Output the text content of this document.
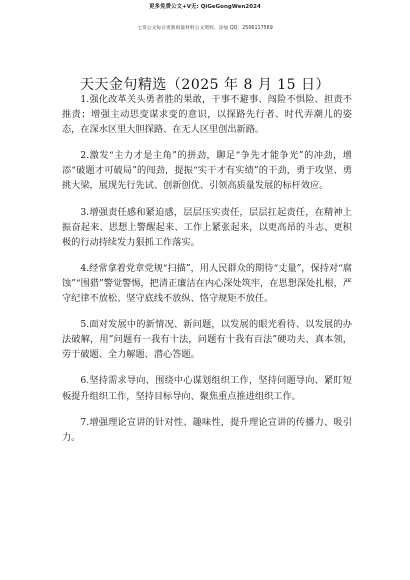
更多免费公文+V无: QiGeGongWen2024
七哥公文每日更新海量材料公文资料，添加 QQ：2506117569
天天金句精选（2025 年 8 月 15 日）

1.强化改革关头勇者胜的果敢，干事不避事、闯险不惧险、担责不推责；增强主动思变谋求变的意识，以探路先行者、时代弄潮儿的姿态，在深水区里大胆探路、在无人区里创出新路。

2.激发“主力才是主角”的拼劲，聊足“争先才能争光”的冲劲，增添“破题才可破局”的闯劲，提振“实干才有实绩”的干劲，勇于攻坚、勇挑大梁，展现先行先试、创新创优、引领高质量发展的标杆效应。

3.增强责任感和紧迫感，层层压实责任，层层扛起责任，在精神上振奋起来、思想上警醒起来、工作上紧张起来，以更高昂的斗志、更积极的行动持续发力狠抓工作落实。

4.经常拿着党章党规“扫描”，用人民群众的期待“丈量”，保持对“腐蚀”“围猎”警觉警惕，把清正廉洁在内心深处筑牢，在思想深处扎根，严守纪律不放松、坚守底线不放纵、恪守规矩不放任。

5.面对发展中的新情况、新问题，以发展的眼光看待、以发展的办法破解，用”问题有一我有十法，问题有十我有百法”硬功夫、真本领，劳于破题、全力解题、潜心答题。

6.坚持需求导向、围绕中心谋划组织工作，坚持问题导向、紧盯短板提升组织工作，坚持目标导向、聚焦重点推进组织工作。

7.增强理论宣讲的针对性、趣味性，提升理论宣讲的传播力、吸引力。
